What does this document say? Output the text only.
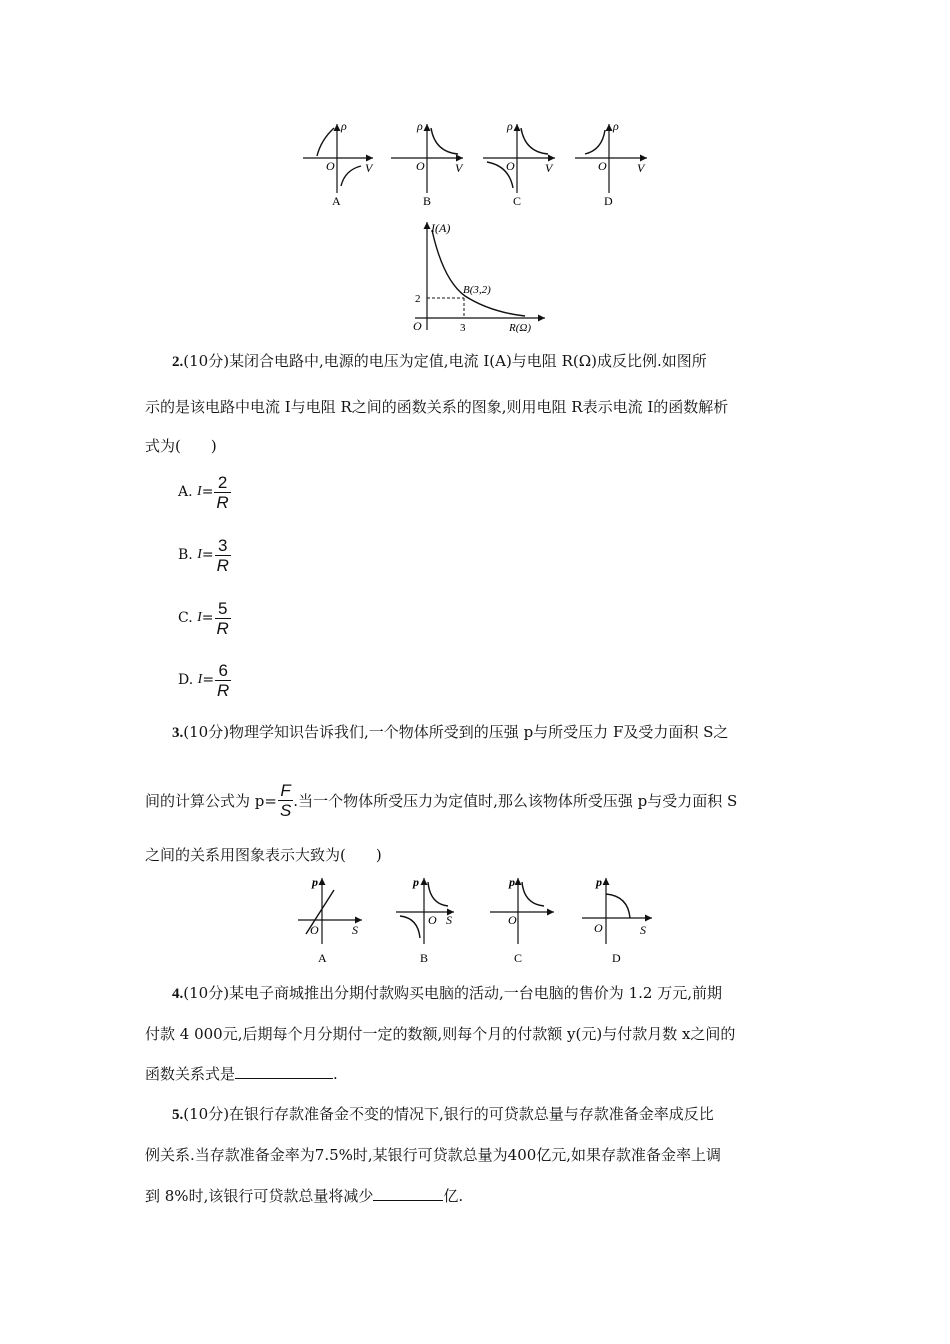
ρ
O	V
A
ρ
O	V
B
ρ
O	V
C
ρ
O	V
D
I(A)
B(3,2)
2
O	3	R(Ω)
2.(10分)某闭合电路中,电源的电压为定值,电流 I(A)与电阻 R(Ω)成反比例.如图所
示的是该电路中电流 I与电阻 R之间的函数关系的图象,则用电阻 R表示电流 I的函数解析
式为(　　)
A.
$I = \frac{2}{R}$
B.
$I = \frac{3}{R}$
C.
$I = \frac{5}{R}$
D.
$I = \frac{6}{R}$
3.(10分)物理学知识告诉我们,一个物体所受到的压强 p与所受压力 F及受力面积 S之
间的计算公式为 $p= \frac{F}{S}$ .当一个物体所受压力为定值时,那么该物体所受压强 p与受力面积 S
之间的关系用图象表示大致为(　　)
p
O	S
A
p
O S
B
p
O
C
p
O	S
D
4.(10分)某电子商城推出分期付款购买电脑的活动,一台电脑的售价为 1.2 万元,前期
付款 4 000元,后期每个月分期付一定的数额,则每个月的付款额 y(元)与付款月数 x之间的
函数关系式是	.
5.(10分)在银行存款准备金不变的情况下,银行的可贷款总量与存款准备金率成反比
例关系.当存款准备金率为7.5%时,某银行可贷款总量为400亿元,如果存款准备金率上调
到 8%时,该银行可贷款总量将减少	亿.
